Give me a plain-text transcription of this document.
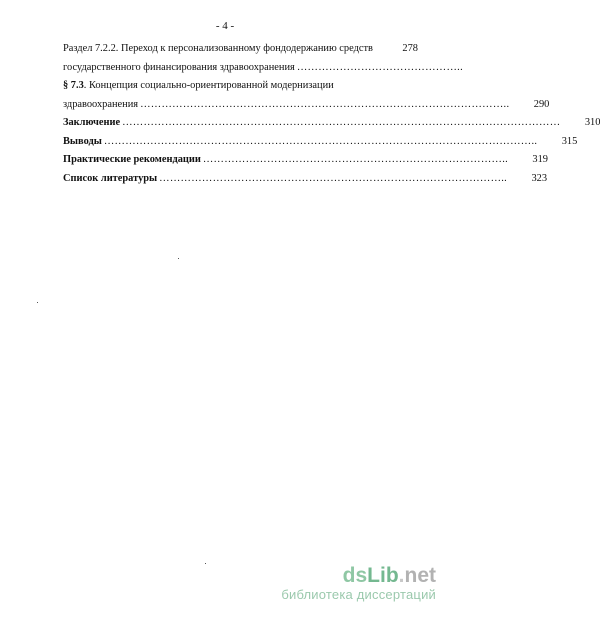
- 4 -
Раздел 7.2.2. Переход к персонализованному фондодержанию средств	278
государственного финансирования здравоохранения ………………………………………..
§ 7.3. Концепция социально-ориентированной модернизации
здравоохранения …………………………………………………………………………………………..	290
Заключение ……………………………………………………………………………………………………………	310
Выводы …………………………………………………………………………………………………………..	315
Практические рекомендации …………………………………………………………………………..	319
Список литературы ……………………………………………………………………………………..	323
dsLib.net
библиотека диссертаций
